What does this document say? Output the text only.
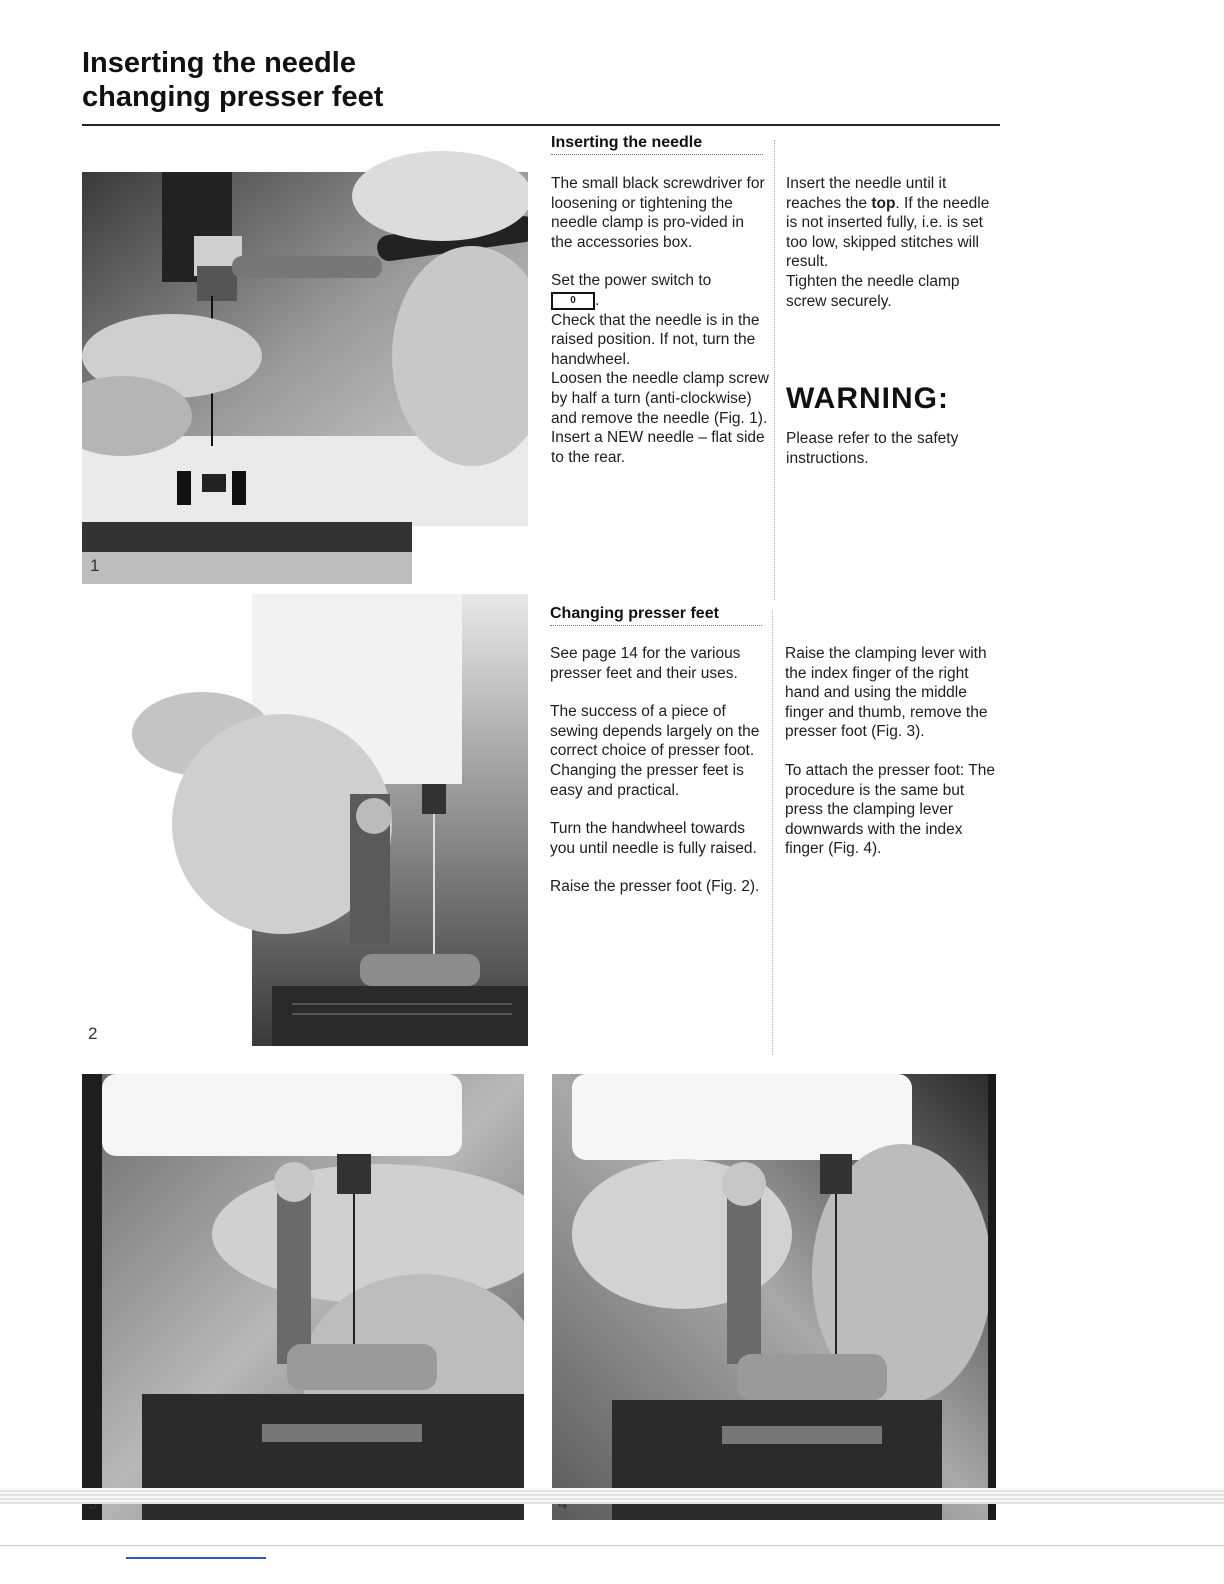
Inserting the needle
changing presser feet
1
2
Inserting the needle

The small black screwdriver for loosening or tightening the needle clamp is pro-vided in the accessories box.

Set the power switch to

0 .

Check that the needle is in the raised position. If not, turn the handwheel.

Loosen the needle clamp screw by half a turn (anti-clockwise) and remove the needle (Fig. 1).

Insert a NEW needle – flat side to the rear.

Insert the needle until it reaches the top. If the needle is not inserted fully, i.e. is set too low, skipped stitches will result.

Tighten the needle clamp screw securely.

WARNING:
Please refer to the safety instructions.
Changing presser feet

See page 14 for the various presser feet and their uses.

The success of a piece of sewing depends largely on the correct choice of presser foot.

Changing the presser feet is easy and practical.

Turn the handwheel towards you until needle is fully raised.

Raise the presser foot (Fig. 2).

Raise the clamping lever with the index finger of the right hand and using the middle finger and thumb, remove the presser foot (Fig. 3).

To attach the presser foot: The procedure is the same but press the clamping lever downwards with the index finger (Fig. 4).
